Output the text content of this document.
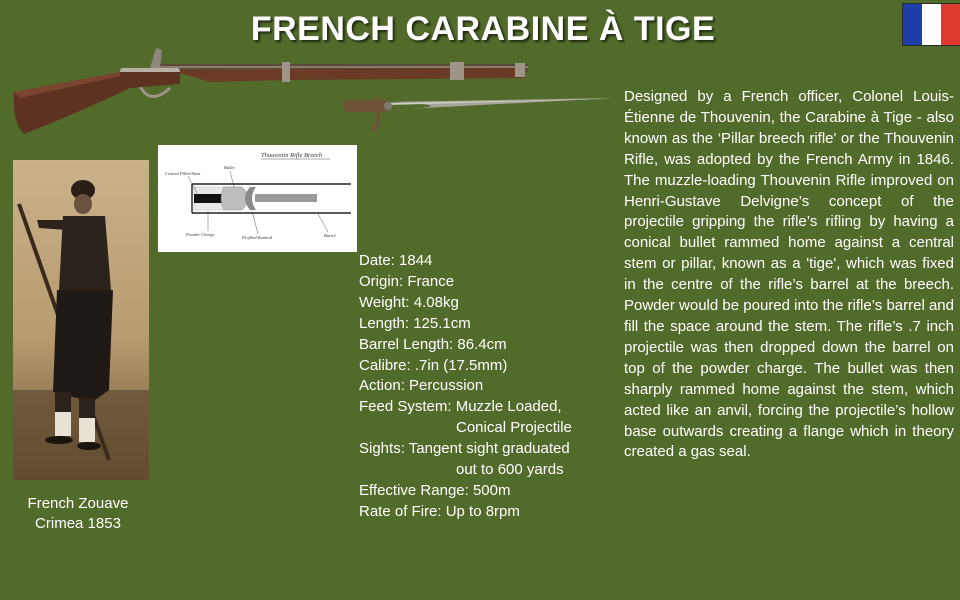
FRENCH CARABINE À TIGE
Thouvenin Rifle Breech
Central Pillar/Stem
Bullet
Powder Charge
Profiled Ramrod	Barrel
French Zouave
Crimea 1853
Date: 1844
Origin: France
Weight: 4.08kg
Length: 125.1cm
Barrel Length: 86.4cm
Calibre: .7in (17.5mm)
Action: Percussion
Feed System: Muzzle Loaded,
Conical Projectile
Sights: Tangent sight graduated
out to 600 yards
Effective Range: 500m
Rate of Fire: Up to 8rpm
Designed by a French officer, Colonel Louis-Étienne de Thouvenin, the Carabine à Tige - also known as the ‘Pillar breech rifle' or the Thouvenin Rifle, was adopted by the French Army in 1846. The muzzle-loading Thouvenin Rifle improved on Henri-Gustave Delvigne’s concept of the projectile gripping the rifle’s rifling by having a conical bullet rammed home against a central stem or pillar, known as a 'tige', which was fixed in the centre of the rifle’s barrel at the breech. Powder would be poured into the rifle’s barrel and fill the space around the stem. The rifle’s .7 inch projectile was then dropped down the barrel on top of the powder charge. The bullet was then sharply rammed home against the stem, which acted like an anvil, forcing the projectile’s hollow base outwards creating a flange which in theory created a gas seal.
